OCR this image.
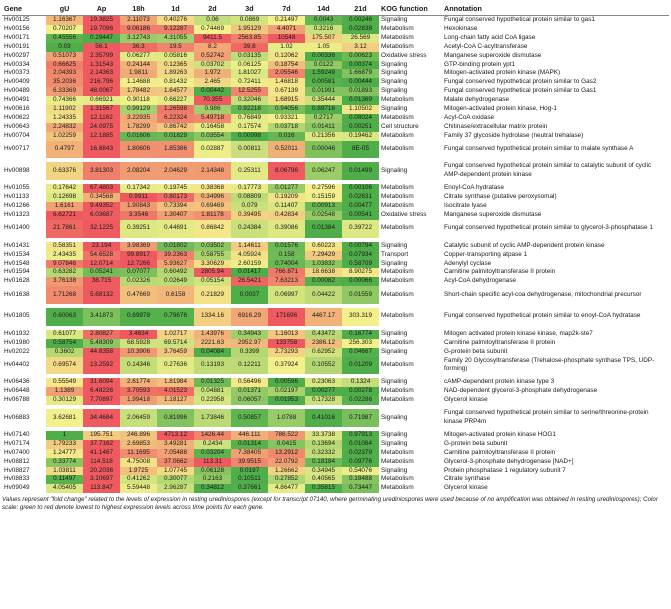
Gene	gU	Ap	18h	1d	2d	3d	7d	14d	21d	KOG function	Annotation
Hv00125	1.16367	19.3825	2.11073	0.40276	0.06	0.0869	0.21497	0.0043	0.00246	Signaling	Fungal conserved hypothetical protein similar to gas1
Hv00156	0.70207	19.7096	9.06186	9.12287	0.74469	1.95129	4.4071	0.3216	0.02838	Metabolism	Hexokinase
Hv00171	0.45556	0.29447	3.12743	4.31055	9411.5	2563.85	10548	175.507	26.569	Metabolism	Long-chain fatty acid CoA ligase
Hv00191	0.03	56.1	36.3	19.5	8.2	39.8	1.02	1.05	3.12	Metabolism	Acetyl-CoA C-acyltransferase
Hv00297	0.51073	2.35799	0.06277	0.05816	0.52742	0.03135	0.12062	0.00336	0.00623	Oxidative stress	Manganese superoxide dismutase
Hv00334	0.66625	1.31543	0.24144	0.12365	0.03702	0.06125	0.18754	0.0122	0.00374	Signaling	GTP-binding protein ypt1
Hv00373	2.04393	2.14363	1.9811	1.89263	1.972	1.81027	2.05546	1.59249	1.66879	Signaling	Mitogen-activated protein kinase (MAPK)
Hv00409	35.2036	216.796	1.14688	0.81432	2.465	0.72411	1.46818	0.00581	0.00444	Signaling	Fungal conserved hypothetical protein similar to Gas2
Hv00489	6.33369	48.0067	1.78482	1.64577	0.00442	12.5255	0.67139	0.01991	0.01893	Signaling	Fungal conserved hypothetical protein similar to Gas1
Hv00491	0.74366	0.66921	0.90118	0.66227	70.355	0.32046	1.68915	0.35444	0.01369	Metabolism	Malate dehydrogenase
Hv00616	1.11902	1.31567	0.99129	1.26598	0.986	0.92218	0.94056	0.89716	1.10502	Signaling	Mitogen-activated protein kinase, Hog-1
Hv00622	1.24335	12.1162	3.22935	6.22324	5.49718	0.76849	0.93321	0.2717	0.08024	Metabolism	Acyl-CoA oxidase
Hv00643	2.24832	24.0975	1.78299	0.86742	0.16458	0.17574	0.03718	0.01411	0.00251	Cell structure	Chitinase/extracellular matrix protein
Hv00704	1.02259	12.1885	0.01606	0.01829	0.03554	0.00998	0.016	0.21356	0.19462	Metabolism	Family 37 glycoside hydrolase (neutral trehalase)
Hv00717	0.4797	16.8843	1.80606	1.85386	0.02887	0.00811	0.52011	0.00046	8E-05	Metabolism	Fungal conserved hypothetical protein similar to malate synthase A

Hv00898	0.63376	3.81303	2.08204	2.04629	2.14348	0.25311	8.06796	0.06247	0.01499	Signaling	Fungal conserved hypothetical protein similar to catalytic subunit of cyclic AMP-dependent protein kinase

Hv01055	0.17642	67.4803	0.17342	0.19745	0.38368	0.17773	0.01277	0.27596	0.00106	Metabolism	Enoyl-CoA hydratase
Hv01133	0.12698	0.34568	0.9911	0.80173	0.34996	0.08809	0.19209	0.15159	0.02631	Metabolism	Citrate synthase (putative peroxysomal)
Hv01266	1.6161	9.49352	1.90843	0.73394	0.69469	0.079	0.11407	0.00913	0.00477	Metabolism	Isocitrate lyase
Hv01323	6.62721	6.03687	3.3546	1.30407	1.81178	0.39495	0.42834	0.02548	0.00541	Oxidative stress	Manganese superoxide dismutase
Hv01400	21.7861	32.1225	0.39251	0.44691	0.86842	0.24384	0.39086	0.01384	0.39722	Metabolism	Fungal conserved hypothetical protein similar to glycerol-3-phosphatase 1

Hv01431	0.58351	23.194	3.98369	0.01802	0.03502	1.14611	0.01576	0.60223	0.00794	Signaling	Catalytic subunit of cyclic AMP-dependent protein kinase
Hv01534	2.43435	54.6528	99.8917	39.2363	0.58755	4.05924	0.158	7.29429	0.07934	Transport	Copper-transporting atpase 1
Hv01548	9.07846	12.0714	12.7266	5.93627	3.30629	2.60159	0.74004	1.03832	0.58709	Signaling	Adenylyl cyclase
Hv01594	0.63282	0.05241	0.07077	0.60492	2805.94	0.01417	766.871	18.6638	8.90275	Metabolism	Carnitine palmitoyltransferase II protein
Hv01628	3.76138	38.715	0.02326	0.02649	0.05154	26.5421	7.63213	0.00082	0.00066	Metabolism	Acyl-CoA dehydrogenase
Hv01638	1.71268	5.68132	0.47669	0.6158	0.21829	0.0037	0.06997	0.04422	0.01559	Metabolism	Short-chain specific acyl-coa dehydrogenase, mitochondrial precursor

Hv01805	0.60063	3.41873	0.69978	0.79676	1334.16	6916.29	171696	4467.17	303.319	Metabolism	Fungal conserved hypothetical protein similar to enoyl-CoA hydratase

Hv01932	0.61077	2.80827	3.4634	1.02717	1.43976	0.34943	1.16013	0.43472	0.16774	Signaling	Mitogen activated protein kinase kinase, map2k-ste7
Hv01980	0.58754	5.48309	68.5928	69.5714	2221.63	2952.97	133758	2386.12	256.303	Metabolism	Carnitine palmitoyltransferase II protein
Hv02022	0.3602	44.8358	10.3906	3.76459	0.04084	0.3399	2.73293	0.62952	0.04667	Signaling	G-protein beta subunit
Hv04402	0.69574	13.2592	0.14346	0.27636	0.13193	0.12211	0.37924	0.10552	0.01209	Metabolism	Family 20 Glycosyltransferase (Trehalose-phosphate synthase TPS, UDP-forming)

Hv06436	0.55549	31.6094	2.61774	1.81984	0.01325	0.56496	0.00596	0.23063	0.1324	Signaling	cAMP-dependent protein kinase type 3
Hv06448	1.1389	6.48226	3.70593	4.01523	0.04881	0.01371	0.02197	0.00277	0.00278	Metabolism	NAD-dependent glycerol-3-phosphate dehydrogenase
Hv06788	0.30129	7.70897	1.99418	1.18127	0.22958	0.06057	0.01953	0.17328	0.02286	Metabolism	Glycerol kinase

Hv06883	3.62681	34.4684	2.06459	0.81996	1.73846	0.50857	1.0788	0.41016	0.71987	Signaling	Fungal conserved hypothetical protein similar to serine/threonine-protein kinase PRP4m

Hv07140	1	195.751	246.896	4713.12	1426.44	446.111	786.522	33.3738	0.97913	Signaling	Mitogen-activated protein kinase HOG1
Hv07174	1.79233	37.7162	2.69853	3.49281	0.2434	0.01314	0.0415	0.13694	0.01064	Signaling	G-protein beta subunit
Hv07400	1.24777	41.1467	11.1695	7.05488	0.03204	7.38405	13.2912	0.32332	0.02379	Metabolism	Carnitine palmitoyltransferase II protein
Hv08812	0.33774	114.518	4.75008	37.0662	113.31	39.9515	22.0792	0.18184	0.09776	Metabolism	Glycerol-3-phosphate dehydrogenase [NAD+]
Hv08827	1.03811	20.2036	1.9725	1.07745	0.06128	0.0197	1.26662	0.34945	0.54076	Signaling	Protein phosphatase 1 regulatory subunit 7
Hv08833	0.11497	3.10697	0.41262	0.30077	0.2163	0.10511	0.27852	0.40565	0.18488	Metabolism	Citrate synthase
Hv09049	4.05405	113.847	5.59448	2.96287	0.34812	0.37661	4.86477	0.35815	0.73447	Metabolism	Glycerol kinase
Values represent "fold change" related to the levels of expression in resting urediniospores (except for transcript 07140, where germinating urediniospores were used because of no amplification was obtained in resting urediniospores); Color scale: green to red denote lowest to highest expression levels across time points for each gene.
